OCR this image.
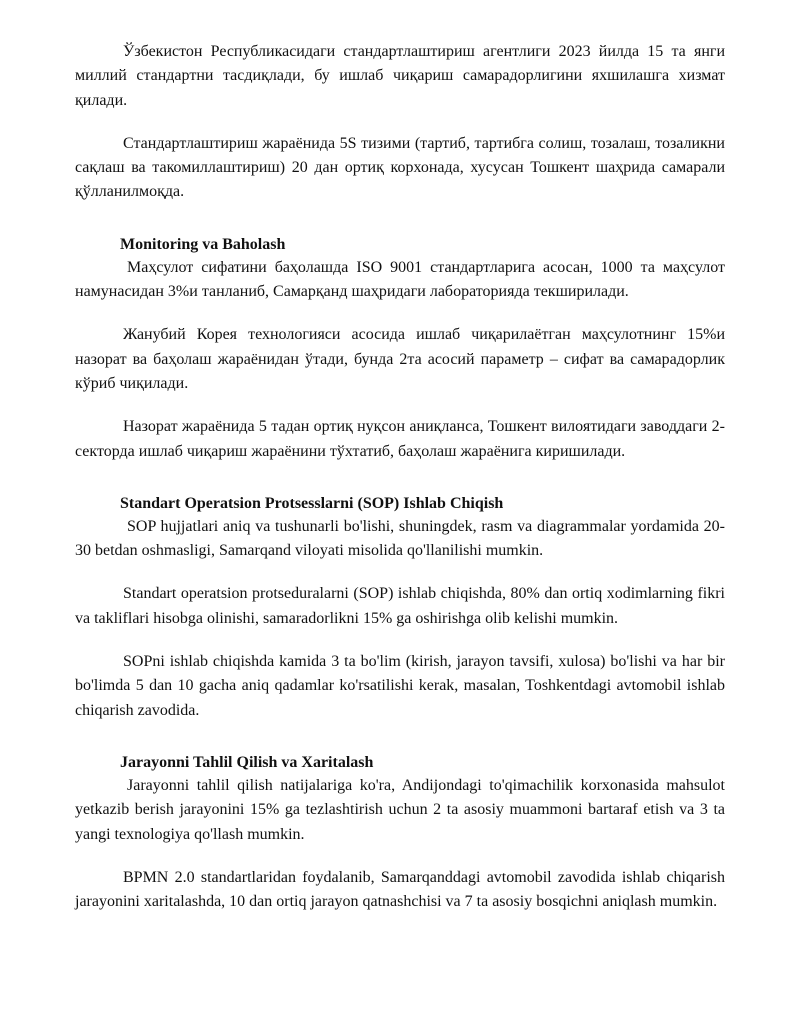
Ўзбекистон Республикасидаги стандартлаштириш агентлиги 2023 йилда 15 та янги миллий стандартни тасдиқлади, бу ишлаб чиқариш самарадорлигини яхшилашга хизмат қилади.

Стандартлаштириш жараёнида 5S тизими (тартиб, тартибга солиш, тозалаш, тозаликни сақлаш ва такомиллаштириш) 20 дан ортиқ корхонада, хусусан Тошкент шаҳрида самарали қўлланилмоқда.

Monitoring va Baholash

Маҳсулот сифатини баҳолашда ISO 9001 стандартларига асосан, 1000 та маҳсулот намунасидан 3%и танланиб, Самарқанд шаҳридаги лабораторияда текширилади.

Жанубий Корея технологияси асосида ишлаб чиқарилаётган маҳсулотнинг 15%и назорат ва баҳолаш жараёнидан ўтади, бунда 2та асосий параметр – сифат ва самарадорлик кўриб чиқилади.

Назорат жараёнида 5 тадан ортиқ нуқсон аниқланса, Тошкент вилоятидаги заводдаги 2-секторда ишлаб чиқариш жараёнини тўхтатиб, баҳолаш жараёнига киришилади.

Standart Operatsion Protsesslarni (SOP) Ishlab Chiqish

SOP hujjatlari aniq va tushunarli bo'lishi, shuningdek, rasm va diagrammalar yordamida 20-30 betdan oshmasligi, Samarqand viloyati misolida qo'llanilishi mumkin.

Standart operatsion protseduralarni (SOP) ishlab chiqishda, 80% dan ortiq xodimlarning fikri va takliflari hisobga olinishi, samaradorlikni 15% ga oshirishga olib kelishi mumkin.

SOPni ishlab chiqishda kamida 3 ta bo'lim (kirish, jarayon tavsifi, xulosa) bo'lishi va har bir bo'limda 5 dan 10 gacha aniq qadamlar ko'rsatilishi kerak, masalan, Toshkentdagi avtomobil ishlab chiqarish zavodida.

Jarayonni Tahlil Qilish va Xaritalash

Jarayonni tahlil qilish natijalariga ko'ra, Andijondagi to'qimachilik korxonasida mahsulot yetkazib berish jarayonini 15% ga tezlashtirish uchun 2 ta asosiy muammoni bartaraf etish va 3 ta yangi texnologiya qo'llash mumkin.

BPMN 2.0 standartlaridan foydalanib, Samarqanddagi avtomobil zavodida ishlab chiqarish jarayonini xaritalashda, 10 dan ortiq jarayon qatnashchisi va 7 ta asosiy bosqichni aniqlash mumkin.
